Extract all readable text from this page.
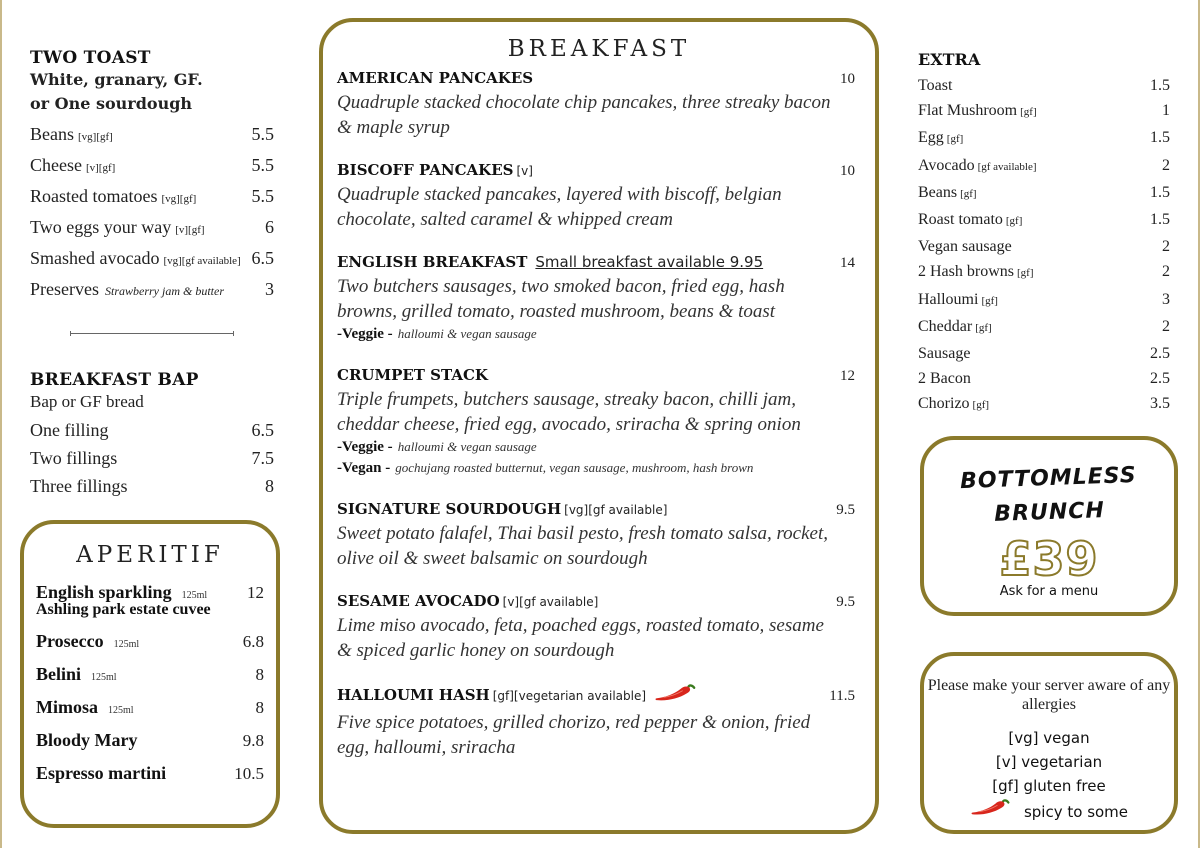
TWO TOAST
White, granary, GF.
or One sourdough
Beans [vg][gf]	5.5
Cheese [v][gf]	5.5
Roasted tomatoes [vg][gf]	5.5
Two eggs your way [v][gf]	6
Smashed avocado [vg][gf available] 6.5
Preserves Strawberry jam & butter 3
BREAKFAST BAP
Bap or GF bread
One filling	6.5
Two fillings	7.5
Three fillings	8
APERITIF
English sparkling 125ml 12
Ashling park estate cuvee
Prosecco 125ml	6.8
Belini 125ml	8
Mimosa 125ml	8
Bloody Mary	9.8
Espresso martini	10.5
BREAKFAST
AMERICAN PANCAKES	10
Quadruple stacked chocolate chip pancakes, three streaky bacon & maple syrup
BISCOFF PANCAKES [v]	10
Quadruple stacked pancakes, layered with biscoff, belgian chocolate, salted caramel & whipped cream
ENGLISH BREAKFAST Small breakfast available 9.95	14
Two butchers sausages, two smoked bacon, fried egg, hash browns, grilled tomato, roasted mushroom, beans & toast
-Veggie - halloumi & vegan sausage
CRUMPET STACK	12
Triple frumpets, butchers sausage, streaky bacon, chilli jam, cheddar cheese, fried egg, avocado, sriracha & spring onion
-Veggie - halloumi & vegan sausage
-Vegan - gochujang roasted butternut, vegan sausage, mushroom, hash brown
SIGNATURE SOURDOUGH [vg][gf available]	9.5
Sweet potato falafel, Thai basil pesto, fresh tomato salsa, rocket, olive oil & sweet balsamic on sourdough
SESAME AVOCADO [v][gf available]	9.5
Lime miso avocado, feta, poached eggs, roasted tomato, sesame & spiced garlic honey on sourdough
HALLOUMI HASH [gf][vegetarian available]	11.5
Five spice potatoes, grilled chorizo, red pepper & onion, fried egg, halloumi, sriracha
EXTRA
Toast	1.5
Flat Mushroom [gf]	1
Egg [gf]	1.5
Avocado [gf available]	2
Beans [gf]	1.5
Roast tomato [gf]	1.5
Vegan sausage	2
2 Hash browns [gf]	2
Halloumi [gf]	3
Cheddar [gf]	2
Sausage	2.5
2 Bacon	2.5
Chorizo [gf]	3.5
BOTTOMLESS
BRUNCH
£39
Ask for a menu
Please make your server aware of any allergies
[vg] vegan
[v] vegetarian
[gf] gluten free
spicy to some
